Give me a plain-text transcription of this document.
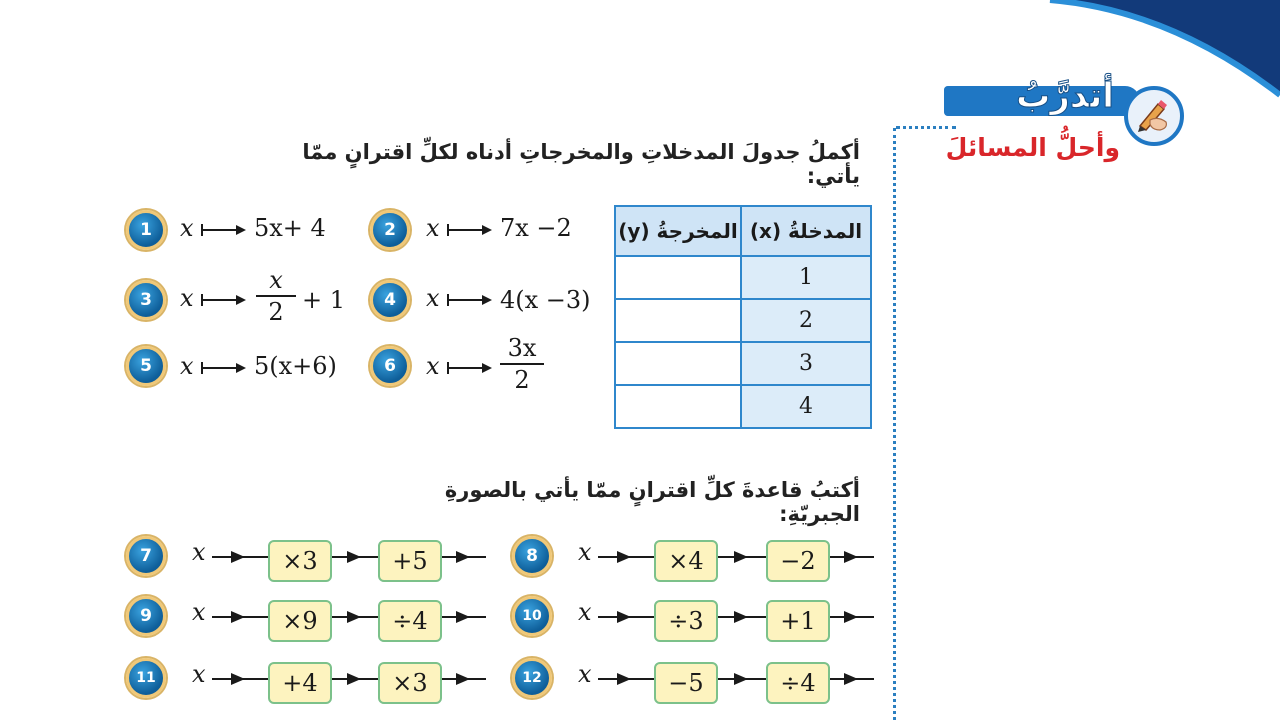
أتدرَّبُ
وأحلُّ المسائلَ
أكملُ جدولَ المدخلاتِ والمخرجاتِ أدناه لكلِّ اقترانٍ ممّا يأتي:
المخرجةُ (y)	المدخلةُ (x)
	1
	2
	3
	4
1	x	5x+ 4	2	x	7x −2
3	x
x
2 + 1	4	x	4(x −3)
5	x	5(x+6)	6	x
3x
2
أكتبُ قاعدةَ كلِّ اقترانٍ ممّا يأتي بالصورةِ الجبريّةِ:
7	x	×3	+5	8	x	×4	−2
9	x	×9	÷4	10	x	÷3	+1
11	x	+4	×3	12	x	−5	÷4
